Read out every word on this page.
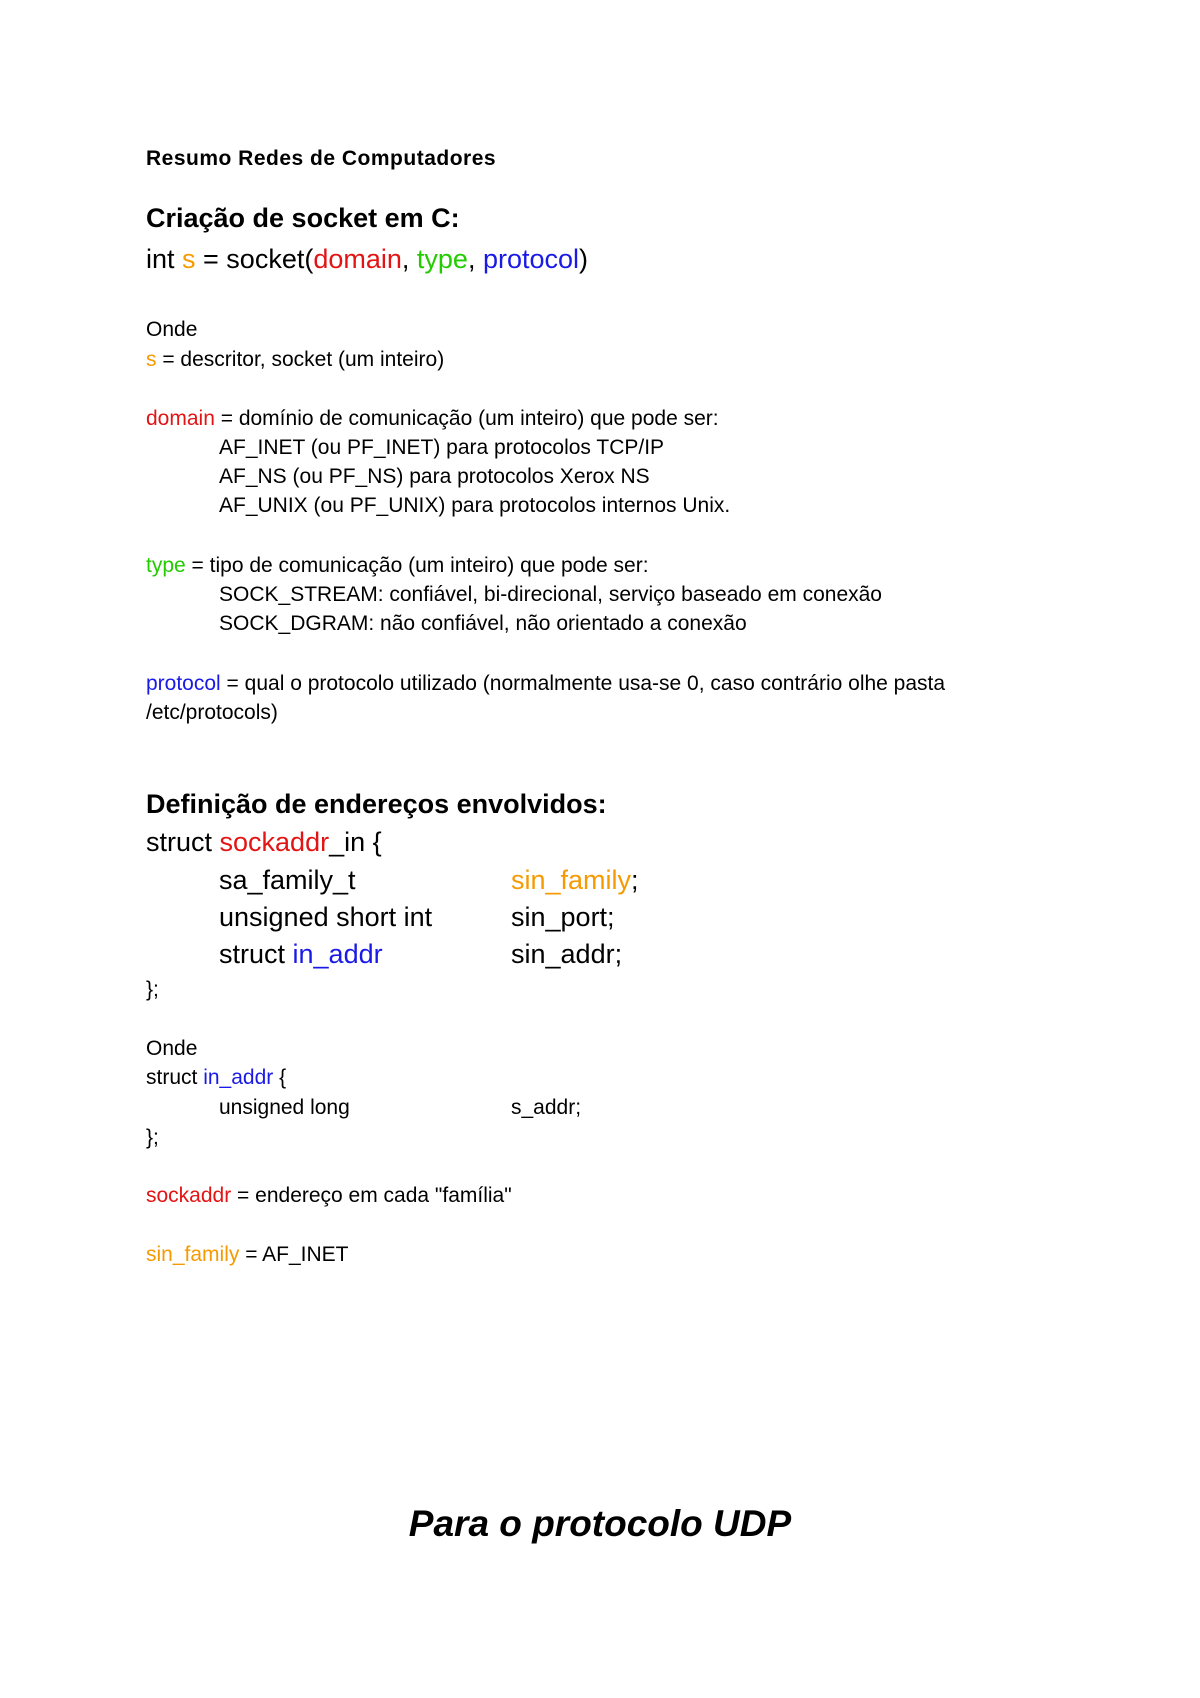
Resumo Redes de Computadores
Criação de socket em C:
int s = socket(domain, type, protocol)
Onde
s = descritor, socket (um inteiro)
domain = domínio de comunicação (um inteiro) que pode ser:
AF_INET (ou PF_INET) para protocolos TCP/IP
AF_NS (ou PF_NS) para protocolos Xerox NS
AF_UNIX (ou PF_UNIX) para protocolos internos Unix.
type = tipo de comunicação (um inteiro) que pode ser:
SOCK_STREAM: confiável, bi-direcional, serviço baseado em conexão
SOCK_DGRAM: não confiável, não orientado a conexão
protocol = qual o protocolo utilizado (normalmente usa-se 0, caso contrário olhe pasta
/etc/protocols)
Definição de endereços envolvidos:
struct sockaddr_in {
sa_family_t	sin_family;
unsigned short int	sin_port;
struct in_addr	sin_addr;
};
Onde
struct in_addr {
unsigned long	s_addr;
};
sockaddr = endereço em cada "família"
sin_family = AF_INET
Para o protocolo UDP
